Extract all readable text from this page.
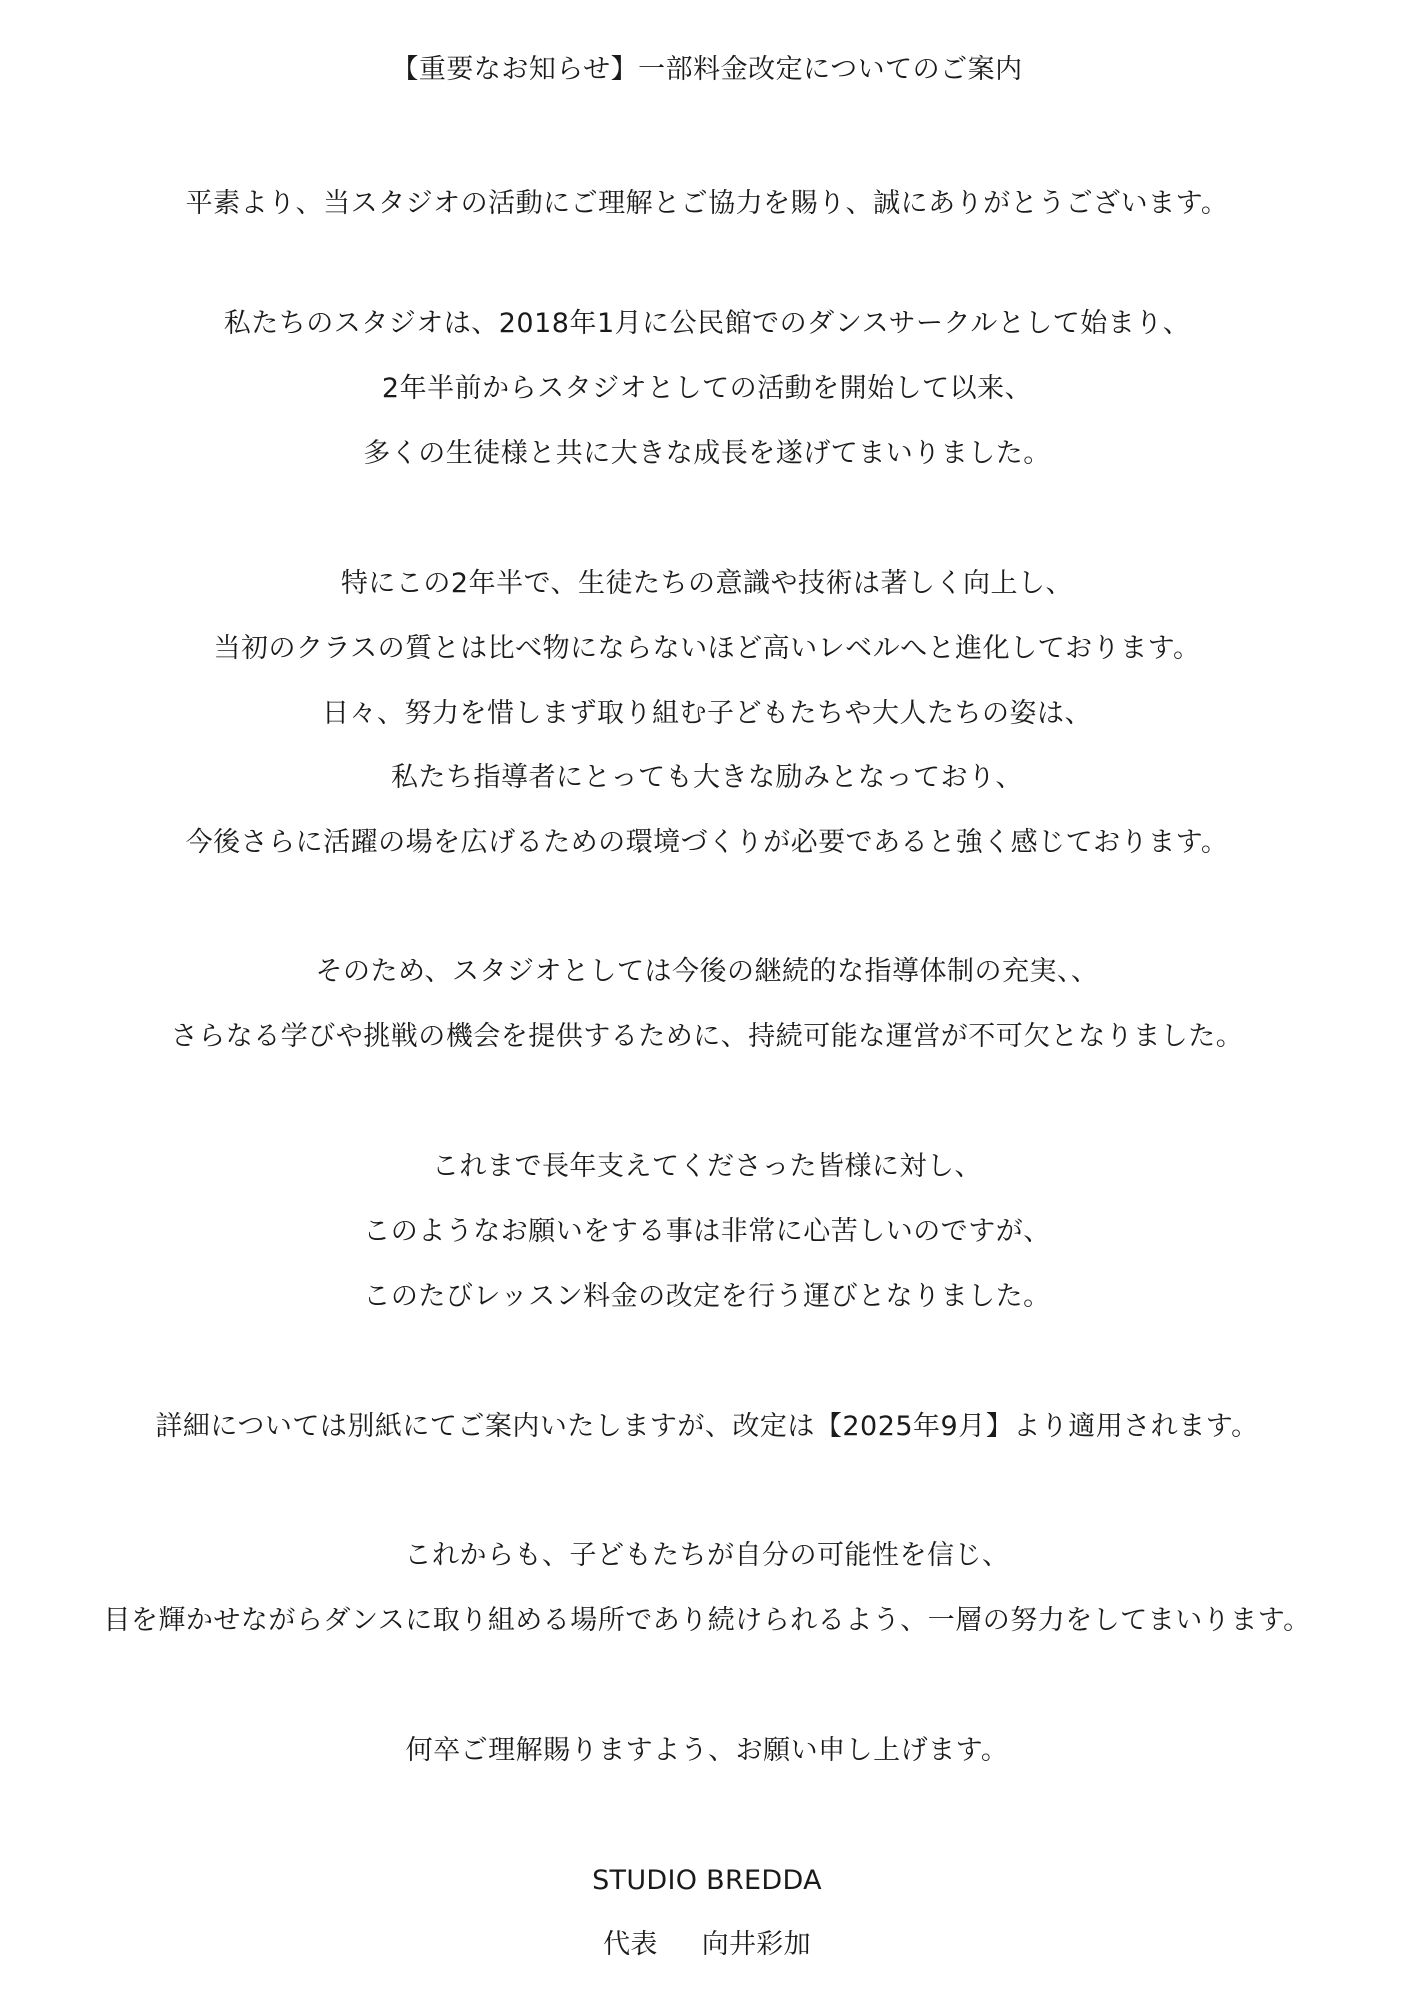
【重要なお知らせ】一部料金改定についてのご案内
平素より、当スタジオの活動にご理解とご協力を賜り、誠にありがとうございます。
私たちのスタジオは、2018年1月に公民館でのダンスサークルとして始まり、
2年半前からスタジオとしての活動を開始して以来、
多くの生徒様と共に大きな成長を遂げてまいりました。
特にこの2年半で、生徒たちの意識や技術は著しく向上し、
当初のクラスの質とは比べ物にならないほど高いレベルへと進化しております。
日々、努力を惜しまず取り組む子どもたちや大人たちの姿は、
私たち指導者にとっても大きな励みとなっており、
今後さらに活躍の場を広げるための環境づくりが必要であると強く感じております。
そのため、スタジオとしては今後の継続的な指導体制の充実、、
さらなる学びや挑戦の機会を提供するために、持続可能な運営が不可欠となりました。
これまで長年支えてくださった皆様に対し、
このようなお願いをする事は非常に心苦しいのですが、
このたびレッスン料金の改定を行う運びとなりました。
詳細については別紙にてご案内いたしますが、改定は【2025年9月】より適用されます。
これからも、子どもたちが自分の可能性を信じ、
目を輝かせながらダンスに取り組める場所であり続けられるよう、一層の努力をしてまいります。
何卒ご理解賜りますよう、お願い申し上げます。
STUDIO BREDDA
代表 向井彩加
